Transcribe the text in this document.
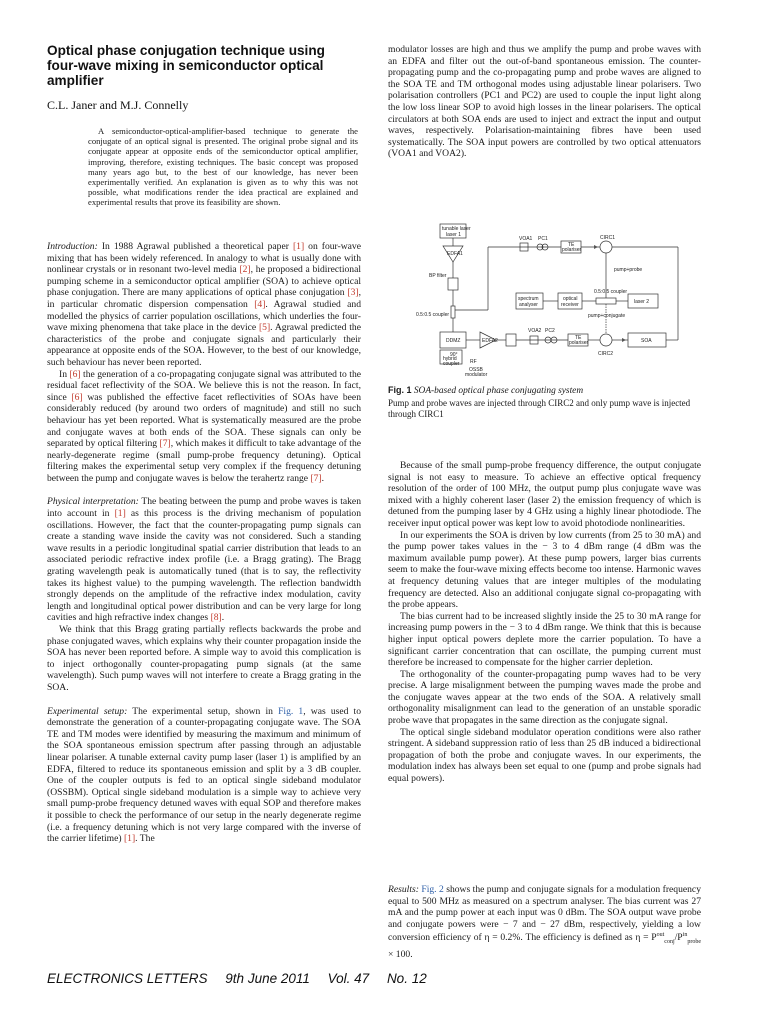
Optical phase conjugation technique using four-wave mixing in semiconductor optical amplifier
C.L. Janer and M.J. Connelly
A semiconductor-optical-amplifier-based technique to generate the conjugate of an optical signal is presented. The original probe signal and its conjugate appear at opposite ends of the semiconductor optical amplifier, improving, therefore, existing techniques. The basic concept was proposed many years ago but, to the best of our knowledge, has never been experimentally verified. An explanation is given as to why this was not possible, what modifications render the idea practical are explained and experimental results that prove its feasibility are shown.

Introduction: In 1988 Agrawal published a theoretical paper [1] on four-wave mixing that has been widely referenced. In analogy to what is usually done with nonlinear crystals or in resonant two-level media [2], he proposed a bidirectional pumping scheme in a semiconductor optical amplifier (SOA) to achieve optical phase conjugation. There are many applications of optical phase conjugation [3], in particular chromatic dispersion compensation [4]. Agrawal studied and modelled the physics of carrier population oscillations, which underlies the four-wave mixing phenomena that take place in the device [5]. Agrawal predicted the characteristics of the probe and conjugate signals and particularly their appearance at opposite ends of the SOA. However, to the best of our knowledge, such behaviour has never been reported.

In [6] the generation of a co-propagating conjugate signal was attributed to the residual facet reflectivity of the SOA. We believe this is not the reason. In fact, since [6] was published the effective facet reflectivities of SOAs have been considerably reduced (by around two orders of magnitude) and still no such behaviour has yet been reported. What is systematically measured are the probe and conjugate waves at both ends of the SOA. These signals can only be separated by optical filtering [7], which makes it difficult to take advantage of the nearly-degenerate regime (small pump-probe frequency detuning). Optical filtering makes the experimental setup very complex if the frequency detuning between the pump and conjugate waves is below the terahertz range [7].

Physical interpretation: The beating between the pump and probe waves is taken into account in [1] as this process is the driving mechanism of population oscillations. However, the fact that the counter-propagating pump signals can create a standing wave inside the cavity was not considered. Such a standing wave results in a periodic longitudinal spatial carrier distribution that leads to an associated periodic refractive index profile (i.e. a Bragg grating). The Bragg grating wavelength peak is automatically tuned (that is to say, the reflectivity takes its highest value) to the pumping wavelength. The reflection bandwidth strongly depends on the amplitude of the refractive index modulation, cavity length and longitudinal optical power distribution and can be very large for long cavities and high refractive index changes [8].

We think that this Bragg grating partially reflects backwards the probe and phase conjugated waves, which explains why their counter propagation inside the SOA has never been reported before. A simple way to avoid this complication is to inject orthogonally counter-propagating pump signals (at the same wavelength). Such pump waves will not interfere to create a Bragg grating in the SOA.

Experimental setup: The experimental setup, shown in Fig. 1, was used to demonstrate the generation of a counter-propagating conjugate wave. The SOA TE and TM modes were identified by measuring the maximum and minimum of the SOA spontaneous emission spectrum after passing through an adjustable linear polariser. A tunable external cavity pump laser (laser 1) is amplified by an EDFA, filtered to reduce its spontaneous emission and split by a 3 dB coupler. One of the coupler outputs is fed to an optical single sideband modulator (OSSBM). Optical single sideband modulation is a simple way to achieve very small pump-probe frequency detuned waves with equal SOP and therefore makes it possible to check the performance of our setup in the nearly degenerate regime (i.e. a frequency detuning which is not very large compared with the inverse of the carrier lifetime) [1]. The

modulator losses are high and thus we amplify the pump and probe waves with an EDFA and filter out the out-of-band spontaneous emission. The counter-propagating pump and the co-propagating pump and probe waves are aligned to the SOA TE and TM orthogonal modes using adjustable linear polarisers. Two polarisation controllers (PC1 and PC2) are used to couple the input light along the low loss linear SOP to avoid high losses in the linear polarisers. The optical circulators at both SOA ends are used to inject and extract the input and output waves, respectively. Polarisation-maintaining fibres have been used systematically. The SOA input powers are controlled by two optical attenuators (VOA1 and VOA2).

tunable laser
laser 1
EDFA1
BP filter
0.5:0.5 coupler
DDMZ
90°
hybrid
coupler RF
OSSB
modulator
EDFA2
VOA1 PC1
TE
polariser
CIRC1
pump+probe
0.5:0.5 coupler
spectrum
analyser
optical
receiver	laser 2
pump+conjugate
VOA2 PC2
TE
polariser	SOA
CIRC2
Fig. 1 SOA-based optical phase conjugating system
Pump and probe waves are injected through CIRC2 and only pump wave is injected through CIRC1

Because of the small pump-probe frequency difference, the output conjugate signal is not easy to measure. To achieve an effective optical frequency resolution of the order of 100 MHz, the output pump plus conjugate wave was mixed with a highly coherent laser (laser 2) the emission frequency of which is detuned from the pumping laser by 4 GHz using a highly linear photodiode. The receiver input optical power was kept low to avoid photodiode nonlinearities.

In our experiments the SOA is driven by low currents (from 25 to 30 mA) and the pump power takes values in the − 3 to 4 dBm range (4 dBm was the maximum available pump power). At these pump powers, larger bias currents seem to make the four-wave mixing effects become too intense. Harmonic waves at frequency detuning values that are integer multiples of the modulating frequency are detected. Also an additional conjugate signal co-propagating with the probe appears.

The bias current had to be increased slightly inside the 25 to 30 mA range for increasing pump powers in the − 3 to 4 dBm range. We think that this is because higher input optical powers deplete more the carrier population. To have a significant carrier concentration that can oscillate, the pumping current must therefore be increased to compensate for the higher carrier depletion.

The orthogonality of the counter-propagating pump waves had to be very precise. A large misalignment between the pumping waves made the probe and the conjugate waves appear at the two ends of the SOA. A relatively small orthogonality misalignment can lead to the generation of an unstable sporadic probe wave that propagates in the same direction as the conjugate signal.

The optical single sideband modulator operation conditions were also rather stringent. A sideband suppression ratio of less than 25 dB induced a bidirectional propagation of both the probe and conjugate waves. In our experiments, the modulation index has always been set equal to one (pump and probe signals had equal powers).

Results: Fig. 2 shows the pump and conjugate signals for a modulation frequency equal to 500 MHz as measured on a spectrum analyser. The bias current was 27 mA and the pump power at each input was 0 dBm. The SOA output wave probe and conjugate powers were − 7 and − 27 dBm, respectively, yielding a low conversion efficiency of η = 0.2%. The efficiency is defined as $\eta = P^{out}_{conj}/P^{in}_{probe} \times 100$.

ELECTRONICS LETTERS 9th June 2011 Vol. 47 No. 12
